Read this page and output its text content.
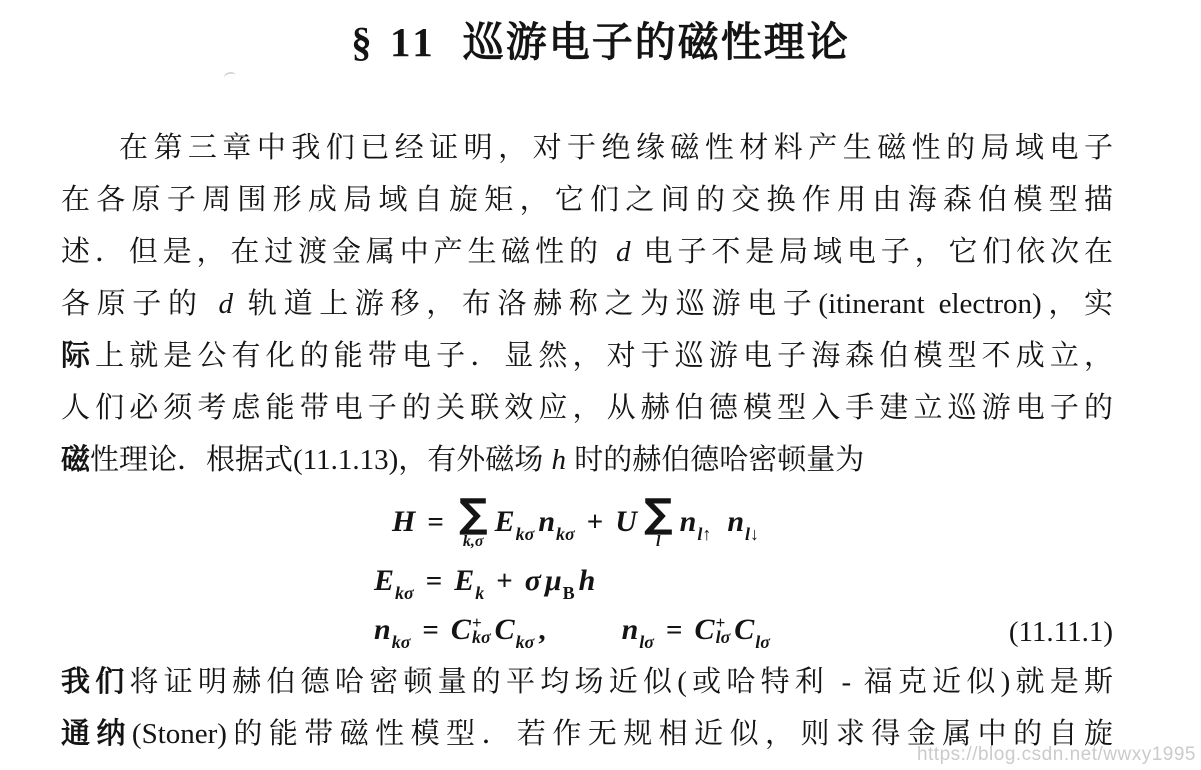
§ 11 巡游电子的磁性理论
在第三章中我们已经证明，对于绝缘磁性材料产生磁性的局域电子
在各原子周围形成局域自旋矩，它们之间的交换作用由海森伯模型描
述．但是，在过渡金属中产生磁性的 d 电子不是局域电子，它们依次在
各原子的 d 轨道上游移，布洛赫称之为巡游电子(itinerant electron)，实
际上就是公有化的能带电子．显然，对于巡游电子海森伯模型不成立，
人们必须考虑能带电子的关联效应，从赫伯德模型入手建立巡游电子的
磁性理论．根据式(11.1.13)，有外磁场 h 时的赫伯德哈密顿量为
(11.11.1)
H = ∑
k,σ
E kσ n kσ + U ∑
l
n l↑ n l↓
E kσ = E k + σ μ B h
n kσ = C +
kσ C kσ ,	n lσ = C +
lσ C lσ
我们将证明赫伯德哈密顿量的平均场近似(或哈特利 - 福克近似)就是斯
通纳(Stoner)的能带磁性模型．若作无规相近似，则求得金属中的自旋
https://blog.csdn.net/wwxy1995
